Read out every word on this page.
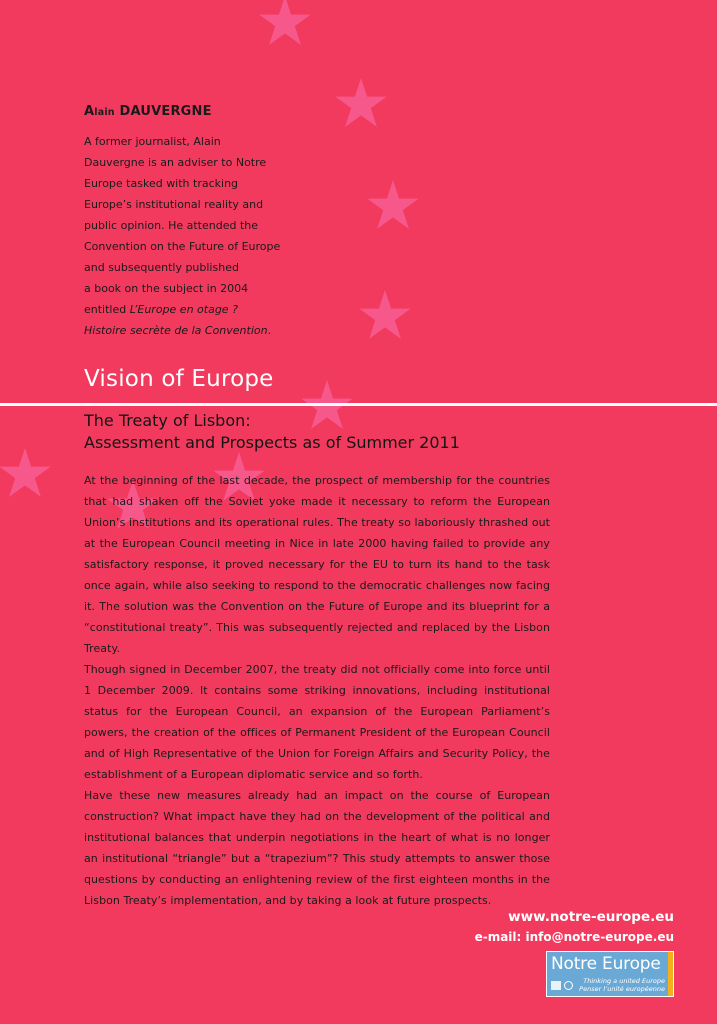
Alain DAUVERGNE

A former journalist, Alain
Dauvergne is an adviser to Notre
Europe tasked with tracking
Europe’s institutional reality and
public opinion. He attended the
Convention on the Future of Europe
and subsequently published
a book on the subject in 2004
entitled L’Europe en otage ?
Histoire secrète de la Convention.

Vision of Europe
The Treaty of Lisbon:
Assessment and Prospects as of Summer 2011

At the beginning of the last decade, the prospect of membership for the countries that had shaken off the Soviet yoke made it necessary to reform the European Union’s institutions and its operational rules. The treaty so laboriously thrashed out at the European Council meeting in Nice in late 2000 having failed to provide any satisfactory response, it proved necessary for the EU to turn its hand to the task once again, while also seeking to respond to the democratic challenges now facing it. The solution was the Convention on the Future of Europe and its blueprint for a “constitutional treaty”. This was subsequently rejected and replaced by the Lisbon Treaty.

Though signed in December 2007, the treaty did not officially come into force until 1 December 2009. It contains some striking innovations, including institutional status for the European Council, an expansion of the European Parliament’s powers, the creation of the offices of Permanent President of the European Council and of High Representative of the Union for Foreign Affairs and Security Policy, the establishment of a European diplomatic service and so forth.

Have these new measures already had an impact on the course of European construction? What impact have they had on the development of the political and institutional balances that underpin negotiations in the heart of what is no longer an institutional “triangle” but a “trapezium”? This study attempts to answer those questions by conducting an enlightening review of the first eighteen months in the Lisbon Treaty’s implementation, and by taking a look at future prospects.

www.notre-europe.eu
e-mail: info@notre-europe.eu
Notre Europe
Thinking a united Europe
Penser l’unité européenne
